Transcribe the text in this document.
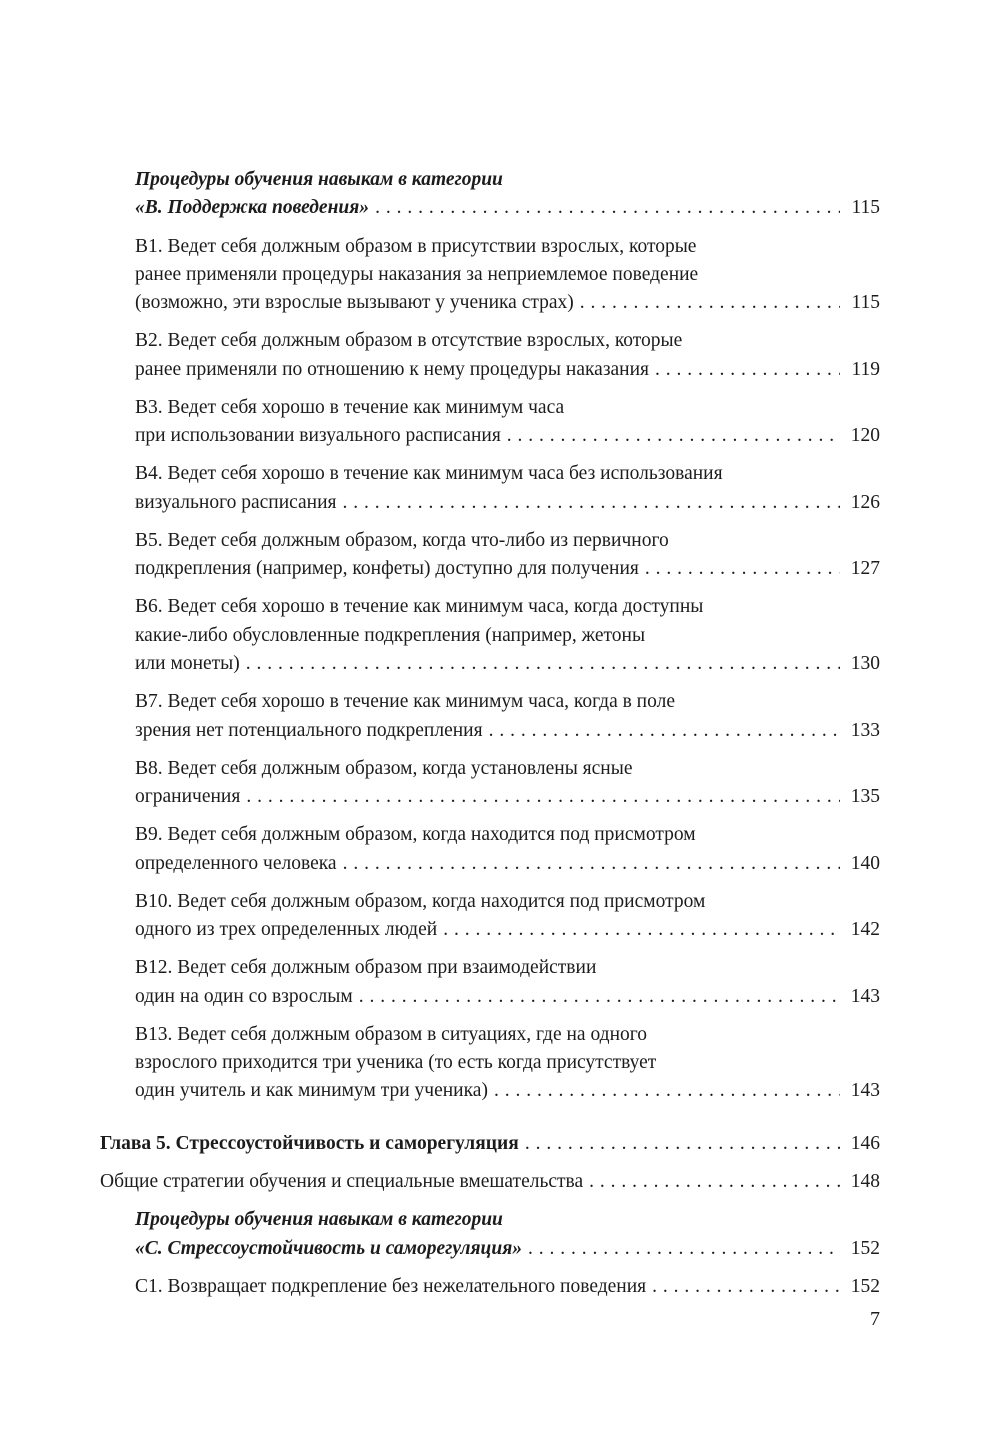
Процедуры обучения навыкам в категории
«В. Поддержка поведения» . . .	115
В1. Ведет себя должным образом в присутствии взрослых, которые
ранее применяли процедуры наказания за неприемлемое поведение
(возможно, эти взрослые вызывают у ученика страх) . . .	115
В2. Ведет себя должным образом в отсутствие взрослых, которые
ранее применяли по отношению к нему процедуры наказания . . .	119
В3. Ведет себя хорошо в течение как минимум часа
при использовании визуального расписания . . .	120
В4. Ведет себя хорошо в течение как минимум часа без использования
визуального расписания . . .	126
В5. Ведет себя должным образом, когда что-либо из первичного
подкрепления (например, конфеты) доступно для получения . . .	127
В6. Ведет себя хорошо в течение как минимум часа, когда доступны
какие-либо обусловленные подкрепления (например, жетоны
или монеты) . . .	130
В7. Ведет себя хорошо в течение как минимум часа, когда в поле
зрения нет потенциального подкрепления . . .	133
В8. Ведет себя должным образом, когда установлены ясные
ограничения . . .	135
В9. Ведет себя должным образом, когда находится под присмотром
определенного человека . . .	140
В10. Ведет себя должным образом, когда находится под присмотром
одного из трех определенных людей . . .	142
В12. Ведет себя должным образом при взаимодействии
один на один со взрослым . . .	143
В13. Ведет себя должным образом в ситуациях, где на одного
взрослого приходится три ученика (то есть когда присутствует
один учитель и как минимум три ученика) . . .	143
Глава 5. Стрессоустойчивость и саморегуляция . . .	146
Общие стратегии обучения и специальные вмешательства . . .	148
Процедуры обучения навыкам в категории
«С. Стрессоустойчивость и саморегуляция» . . .	152
С1. Возвращает подкрепление без нежелательного поведения . . .	152
7
